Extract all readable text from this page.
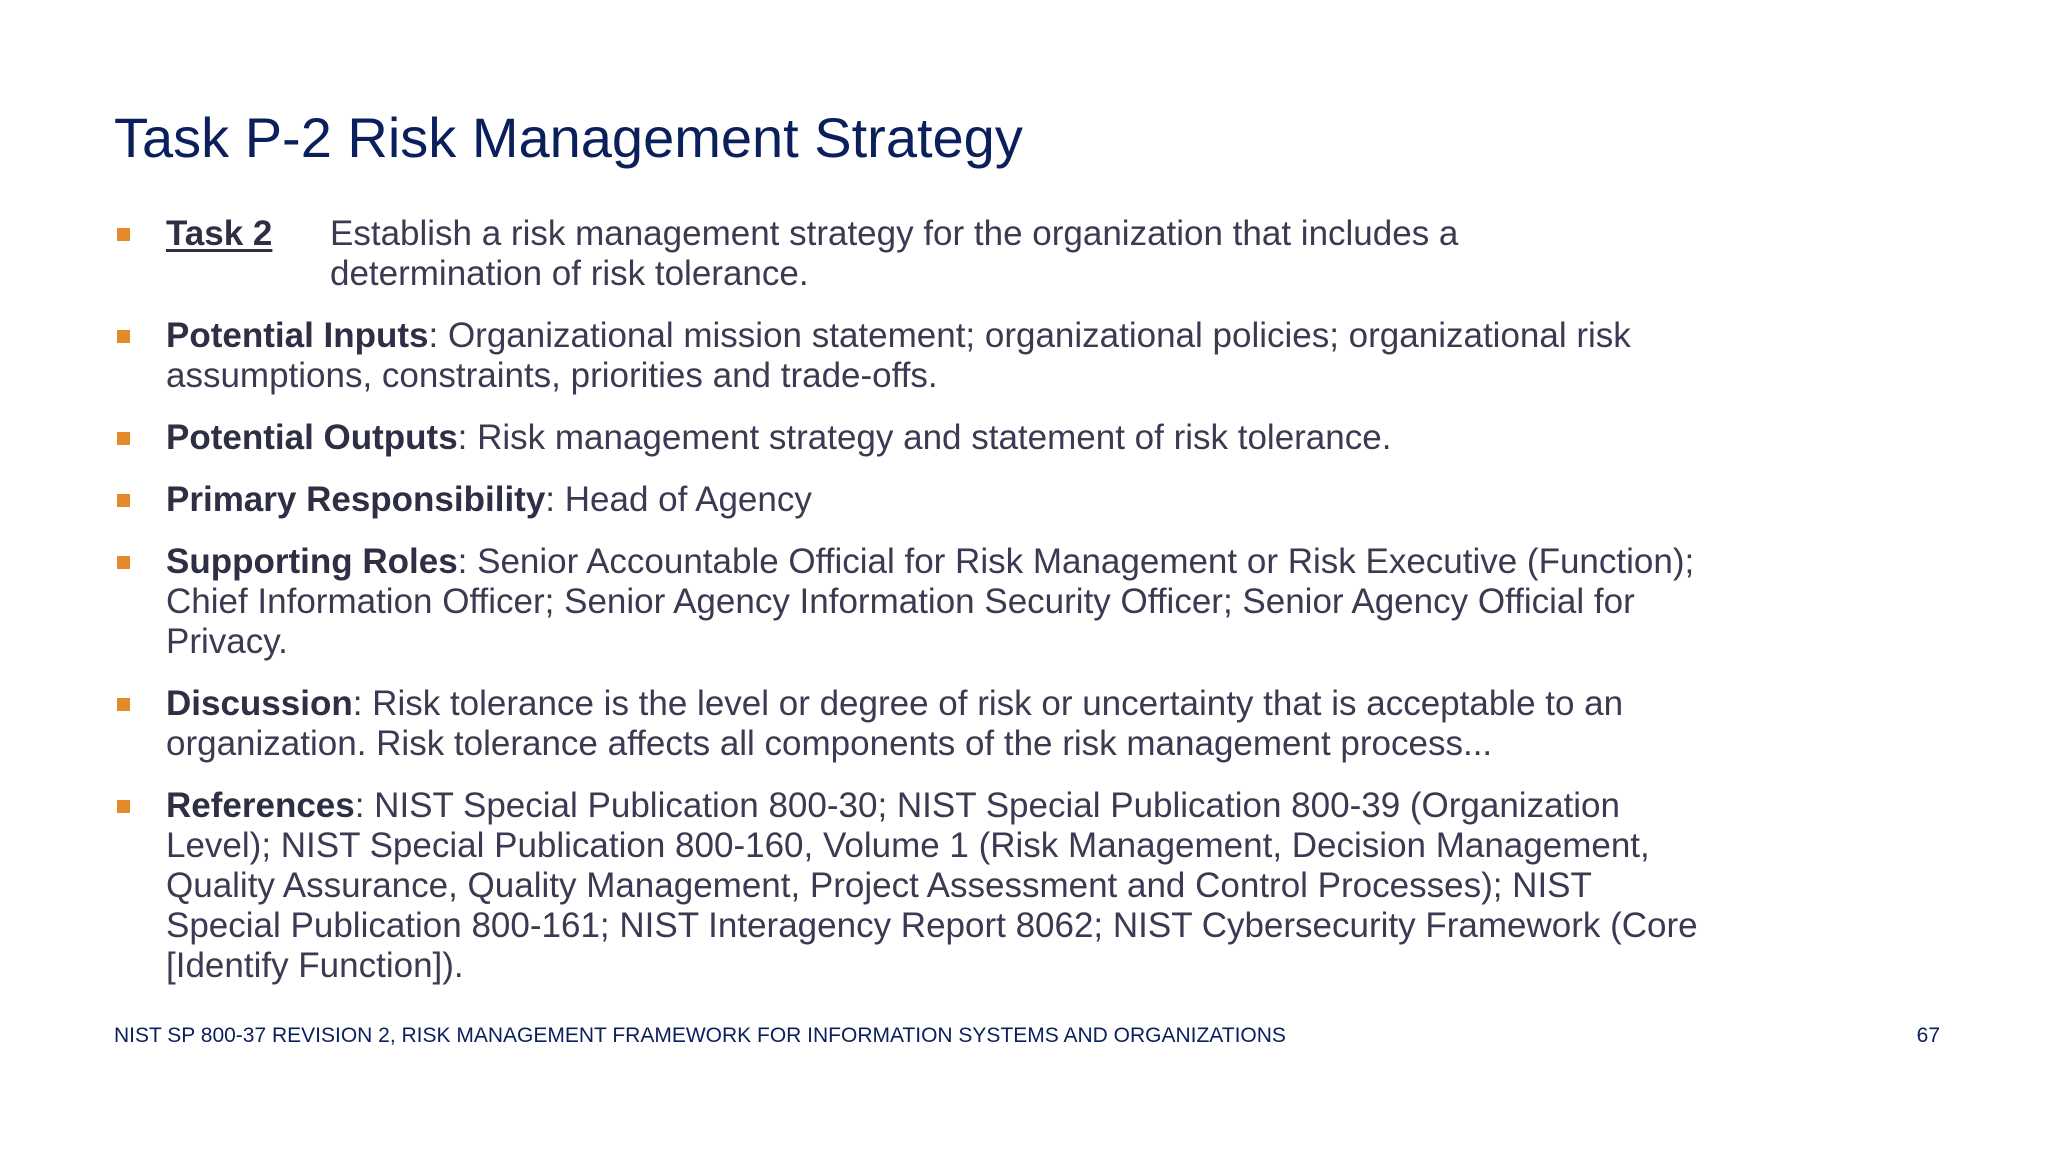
Task P-2 Risk Management Strategy
Task 2	Establish a risk management strategy for the organization that includes a determination of risk tolerance.
Potential Inputs: Organizational mission statement; organizational policies; organizational risk assumptions, constraints, priorities and trade-offs.
Potential Outputs: Risk management strategy and statement of risk tolerance.
Primary Responsibility: Head of Agency
Supporting Roles: Senior Accountable Official for Risk Management or Risk Executive (Function); Chief Information Officer; Senior Agency Information Security Officer; Senior Agency Official for Privacy.
Discussion: Risk tolerance is the level or degree of risk or uncertainty that is acceptable to an organization. Risk tolerance affects all components of the risk management process...
References: NIST Special Publication 800-30; NIST Special Publication 800-39 (Organization Level); NIST Special Publication 800-160, Volume 1 (Risk Management, Decision Management, Quality Assurance, Quality Management, Project Assessment and Control Processes); NIST Special Publication 800-161; NIST Interagency Report 8062; NIST Cybersecurity Framework (Core [Identify Function]).
NIST SP 800-37 REVISION 2, RISK MANAGEMENT FRAMEWORK FOR INFORMATION SYSTEMS AND ORGANIZATIONS	67
